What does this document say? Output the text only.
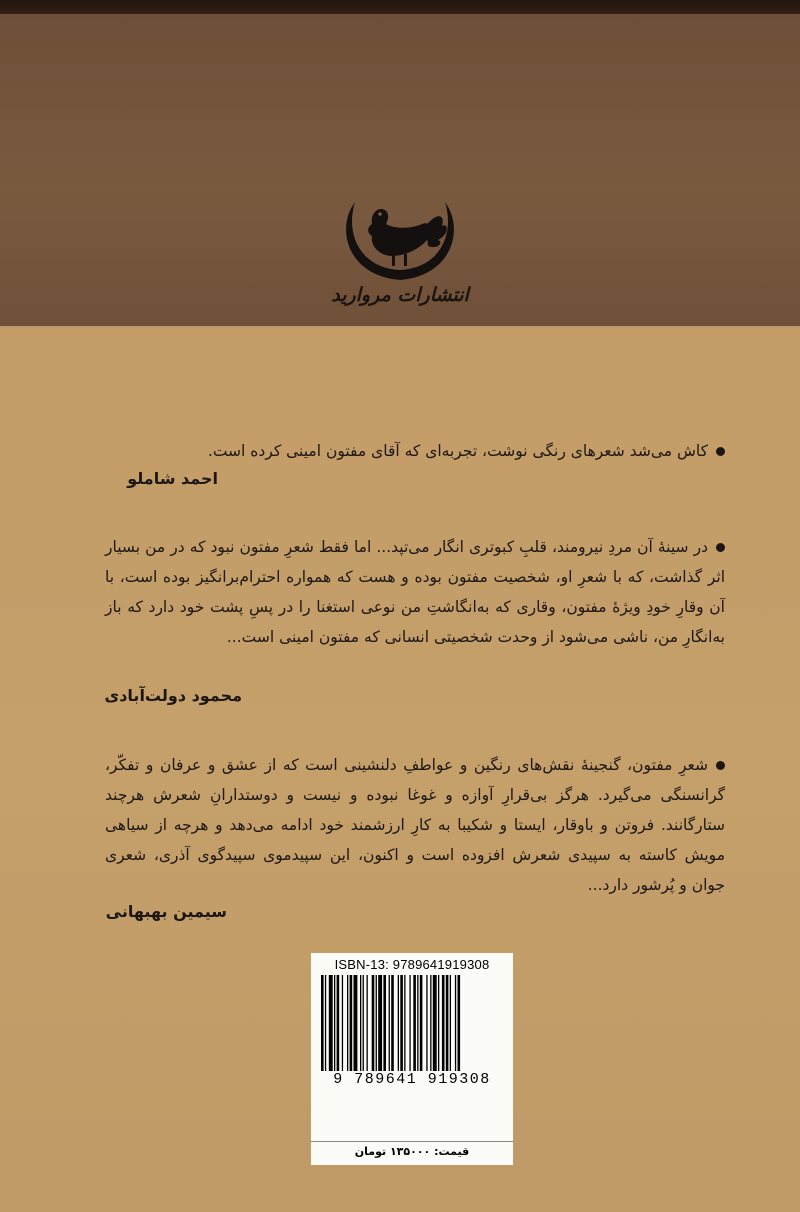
انتشارات مروارید
کاش می‌شد شعرهای رنگی نوشت، تجربه‌ای که آقای مفتون امینی کرده است.
احمد شاملو
در سینهٔ آن مردِ نیرومند، قلبِ کبوتری انگار می‌تپد... اما فقط شعرِ مفتون نبود که در من بسیار اثر گذاشت، که با شعرِ او، شخصیت مفتون بوده و هست که همواره احترام‌برانگیز بوده است، با آن وقارِ خودِ ویژهٔ مفتون، وقاری که به‌انگاشتِ من نوعی استغنا را در پسِ پشت خود دارد که باز به‌انگارِ من، ناشی می‌شود از وحدت شخصیتی انسانی که مفتون امینی است...
محمود دولت‌آبادی
شعرِ مفتون، گنجینهٔ نقش‌های رنگین و عواطفِ دلنشینی است که از عشق و عرفان و تفکّر، گرانسنگی می‌گیرد. هرگز بی‌قرارِ آوازه و غوغا نبوده و نیست و دوستدارانِ شعرش هرچند ستارگانند. فروتن و باوقار، ایستا و شکیبا به کارِ ارزشمند خود ادامه می‌دهد و هرچه از سیاهی مویش کاسته به سپیدی شعرش افزوده است و اکنون، این سپیدموی سپیدگوی آذری، شعری جوان و پُرشور دارد...
سیمین بهبهانی
ISBN-13: 9789641919308
9 789641 919308
قیمت: ۱۳۵۰۰۰ تومان
